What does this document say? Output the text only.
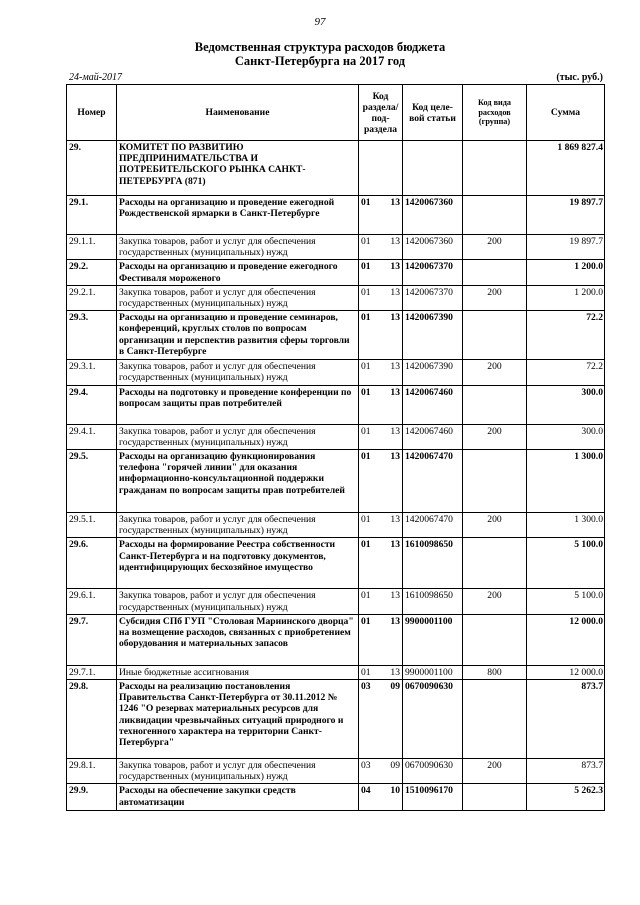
97
Ведомственная структура расходов бюджета
Санкт-Петербурга на 2017 год
24-май-2017	(тыс. руб.)
Номер	Наименование	Код раздела/ под- раздела	Код целе- вой статьи	Код вида расходов (группа)	Сумма
29.	КОМИТЕТ ПО РАЗВИТИЮ ПРЕДПРИНИМАТЕЛЬСТВА И ПОТРЕБИТЕЛЬСКОГО РЫНКА САНКТ-ПЕТЕРБУРГА (871)				1 869 827.4
29.1.	Расходы на организацию и проведение ежегодной Рождественской ярмарки в Санкт-Петербурге	01 13	1420067360		19 897.7
29.1.1.	Закупка товаров, работ и услуг для обеспечения государственных (муниципальных) нужд	01 13	1420067360	200	19 897.7
29.2.	Расходы на организацию и проведение ежегодного Фестиваля мороженого	01 13	1420067370		1 200.0
29.2.1.	Закупка товаров, работ и услуг для обеспечения государственных (муниципальных) нужд	01 13	1420067370	200	1 200.0
29.3.	Расходы на организацию и проведение семинаров, конференций, круглых столов по вопросам организации и перспектив развития сферы торговли в Санкт-Петербурге	01 13	1420067390		72.2
29.3.1.	Закупка товаров, работ и услуг для обеспечения государственных (муниципальных) нужд	01 13	1420067390	200	72.2
29.4.	Расходы на подготовку и проведение конференции по вопросам защиты прав потребителей	01 13	1420067460		300.0
29.4.1.	Закупка товаров, работ и услуг для обеспечения государственных (муниципальных) нужд	01 13	1420067460	200	300.0
29.5.	Расходы на организацию функционирования телефона "горячей линии" для оказания информационно-консультационной поддержки гражданам по вопросам защиты прав потребителей	01 13	1420067470		1 300.0
29.5.1.	Закупка товаров, работ и услуг для обеспечения государственных (муниципальных) нужд	01 13	1420067470	200	1 300.0
29.6.	Расходы на формирование Реестра собственности Санкт-Петербурга и на подготовку документов, идентифицирующих бесхозяйное имущество	01 13	1610098650		5 100.0
29.6.1.	Закупка товаров, работ и услуг для обеспечения государственных (муниципальных) нужд	01 13	1610098650	200	5 100.0
29.7.	Субсидия СПб ГУП "Столовая Мариинского дворца" на возмещение расходов, связанных с приобретением оборудования и материальных запасов	01 13	9900001100		12 000.0
29.7.1.	Иные бюджетные ассигнования	01 13	9900001100	800	12 000.0
29.8.	Расходы на реализацию постановления Правительства Санкт-Петербурга от 30.11.2012 № 1246 "О резервах материальных ресурсов для ликвидации чрезвычайных ситуаций природного и техногенного характера на территории Санкт-Петербурга"	03 09	0670090630		873.7
29.8.1.	Закупка товаров, работ и услуг для обеспечения государственных (муниципальных) нужд	03 09	0670090630	200	873.7
29.9.	Расходы на обеспечение закупки средств автоматизации	04 10	1510096170		5 262.3
